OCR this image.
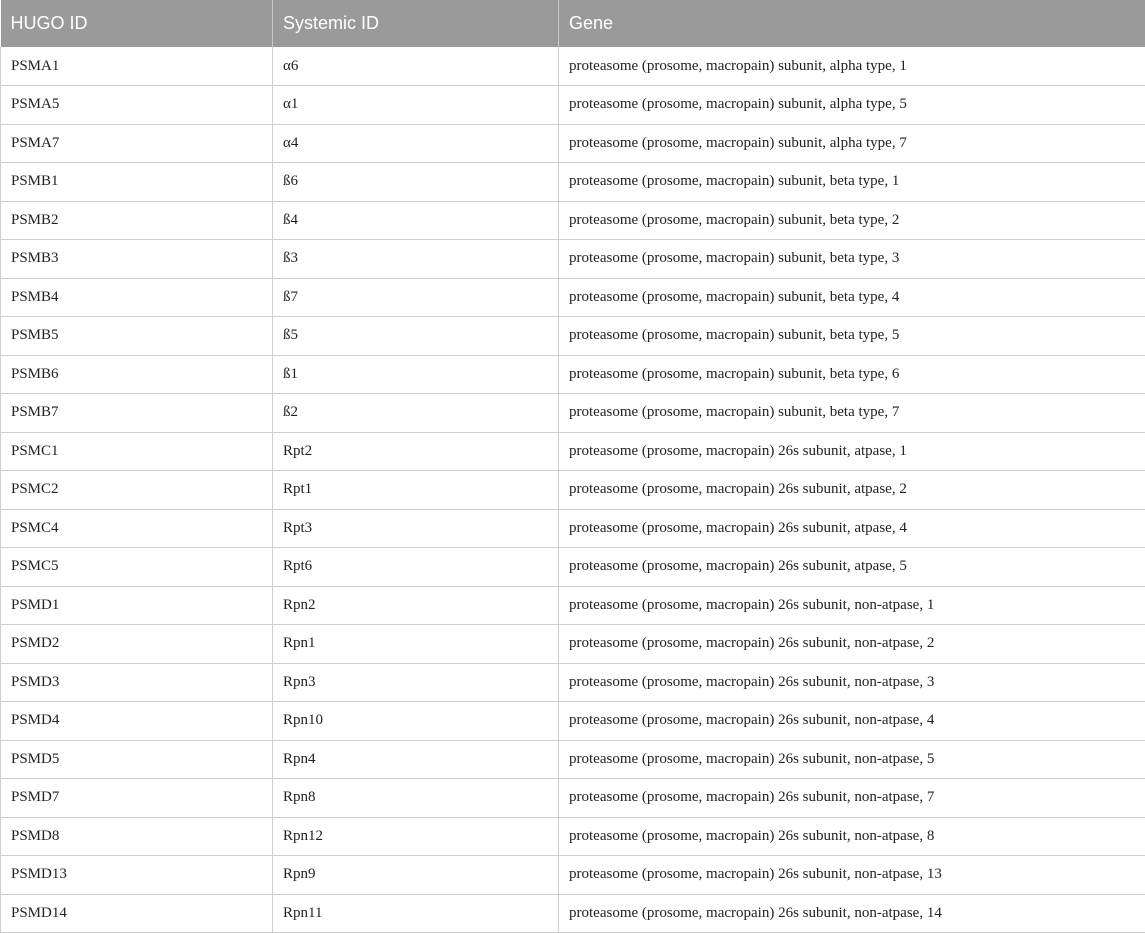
HUGO ID	Systemic ID	Gene
PSMA1	α6	proteasome (prosome, macropain) subunit, alpha type, 1
PSMA5	α1	proteasome (prosome, macropain) subunit, alpha type, 5
PSMA7	α4	proteasome (prosome, macropain) subunit, alpha type, 7
PSMB1	ß6	proteasome (prosome, macropain) subunit, beta type, 1
PSMB2	ß4	proteasome (prosome, macropain) subunit, beta type, 2
PSMB3	ß3	proteasome (prosome, macropain) subunit, beta type, 3
PSMB4	ß7	proteasome (prosome, macropain) subunit, beta type, 4
PSMB5	ß5	proteasome (prosome, macropain) subunit, beta type, 5
PSMB6	ß1	proteasome (prosome, macropain) subunit, beta type, 6
PSMB7	ß2	proteasome (prosome, macropain) subunit, beta type, 7
PSMC1	Rpt2	proteasome (prosome, macropain) 26s subunit, atpase, 1
PSMC2	Rpt1	proteasome (prosome, macropain) 26s subunit, atpase, 2
PSMC4	Rpt3	proteasome (prosome, macropain) 26s subunit, atpase, 4
PSMC5	Rpt6	proteasome (prosome, macropain) 26s subunit, atpase, 5
PSMD1	Rpn2	proteasome (prosome, macropain) 26s subunit, non-atpase, 1
PSMD2	Rpn1	proteasome (prosome, macropain) 26s subunit, non-atpase, 2
PSMD3	Rpn3	proteasome (prosome, macropain) 26s subunit, non-atpase, 3
PSMD4	Rpn10	proteasome (prosome, macropain) 26s subunit, non-atpase, 4
PSMD5	Rpn4	proteasome (prosome, macropain) 26s subunit, non-atpase, 5
PSMD7	Rpn8	proteasome (prosome, macropain) 26s subunit, non-atpase, 7
PSMD8	Rpn12	proteasome (prosome, macropain) 26s subunit, non-atpase, 8
PSMD13	Rpn9	proteasome (prosome, macropain) 26s subunit, non-atpase, 13
PSMD14	Rpn11	proteasome (prosome, macropain) 26s subunit, non-atpase, 14
